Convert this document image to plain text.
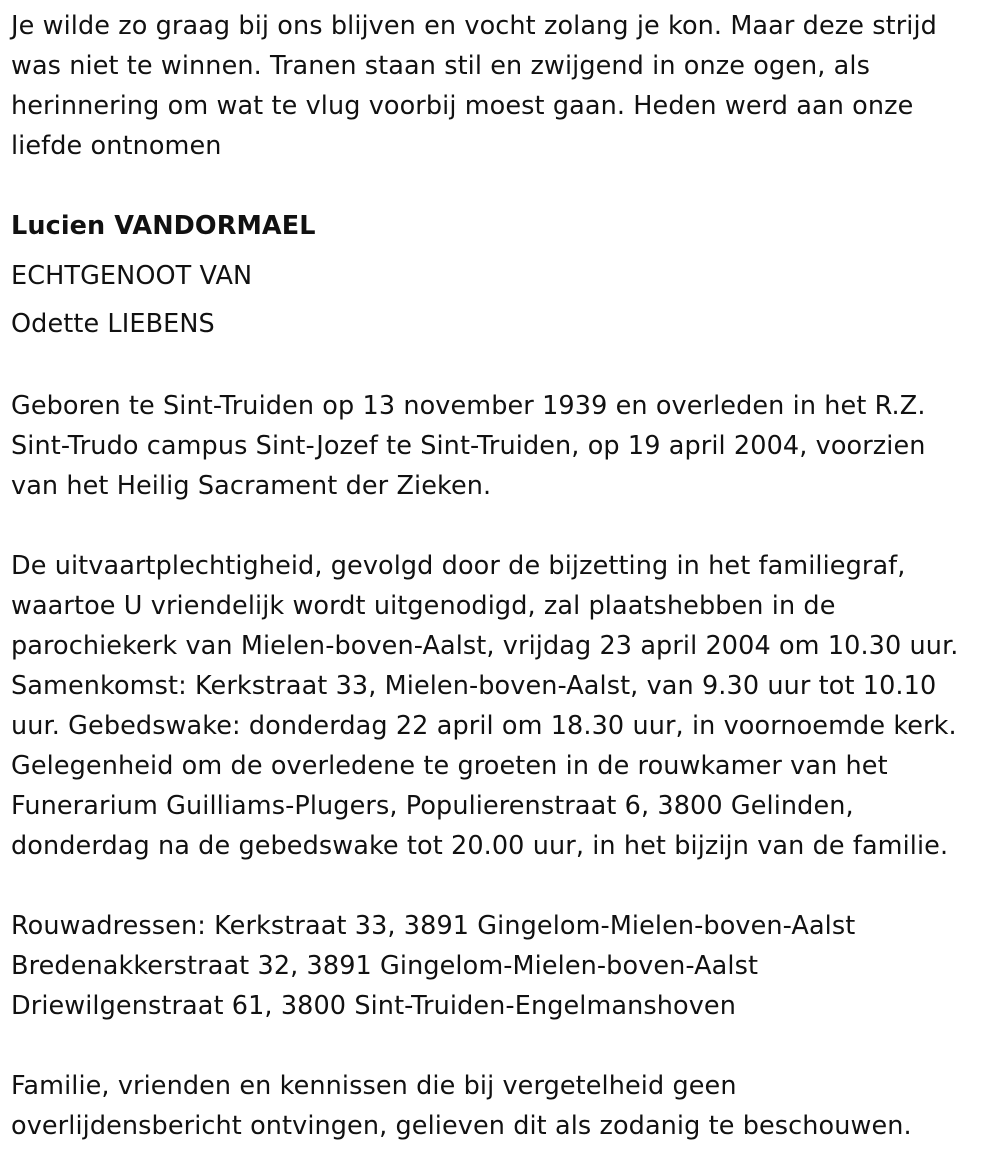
Je wilde zo graag bij ons blijven en vocht zolang je kon. Maar deze strijd

was niet te winnen. Tranen staan stil en zwijgend in onze ogen, als

herinnering om wat te vlug voorbij moest gaan. Heden werd aan onze

liefde ontnomen

Lucien VANDORMAEL

ECHTGENOOT VAN

Odette LIEBENS

Geboren te Sint-Truiden op 13 november 1939 en overleden in het R.Z.

Sint-Trudo campus Sint-Jozef te Sint-Truiden, op 19 april 2004, voorzien

van het Heilig Sacrament der Zieken.

De uitvaartplechtigheid, gevolgd door de bijzetting in het familiegraf,

waartoe U vriendelijk wordt uitgenodigd, zal plaatshebben in de

parochiekerk van Mielen-boven-Aalst, vrijdag 23 april 2004 om 10.30 uur.

Samenkomst: Kerkstraat 33, Mielen-boven-Aalst, van 9.30 uur tot 10.10

uur. Gebedswake: donderdag 22 april om 18.30 uur, in voornoemde kerk.

Gelegenheid om de overledene te groeten in de rouwkamer van het

Funerarium Guilliams-Plugers, Populierenstraat 6, 3800 Gelinden,

donderdag na de gebedswake tot 20.00 uur, in het bijzijn van de familie.

Rouwadressen: Kerkstraat 33, 3891 Gingelom-Mielen-boven-Aalst

Bredenakkerstraat 32, 3891 Gingelom-Mielen-boven-Aalst

Driewilgenstraat 61, 3800 Sint-Truiden-Engelmanshoven

Familie, vrienden en kennissen die bij vergetelheid geen

overlijdensbericht ontvingen, gelieven dit als zodanig te beschouwen.
